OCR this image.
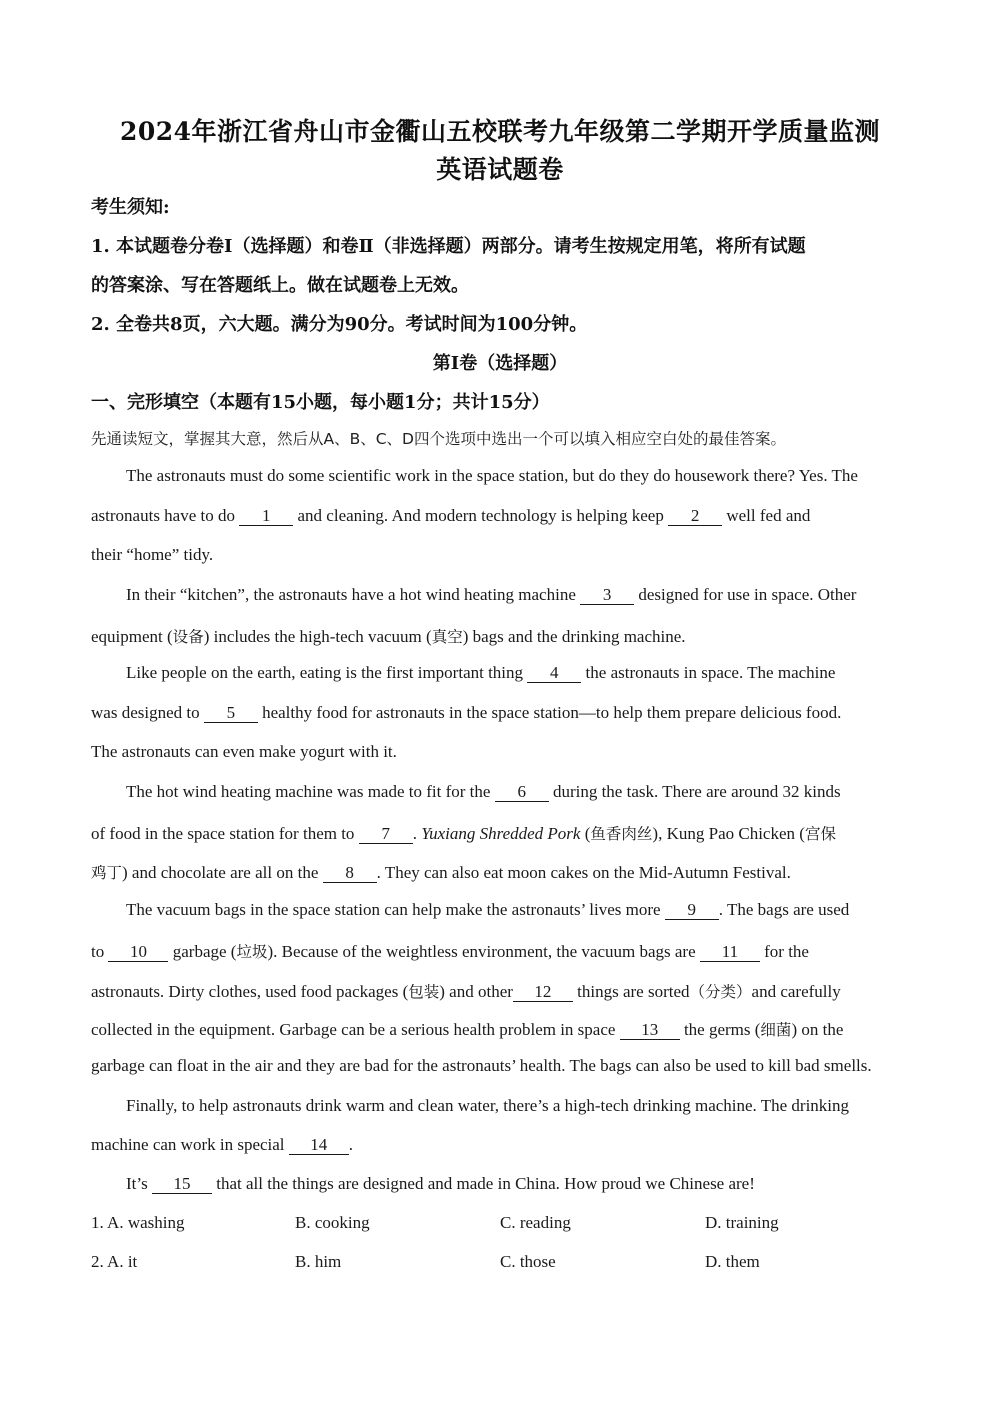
2024年浙江省舟山市金衢山五校联考九年级第二学期开学质量监测
英语试题卷
考生须知:
1. 本试题卷分卷Ⅰ（选择题）和卷Ⅱ（非选择题）两部分。请考生按规定用笔，将所有试题
的答案涂、写在答题纸上。做在试题卷上无效。
2. 全卷共8页，六大题。满分为90分。考试时间为100分钟。
第Ⅰ卷（选择题）
一、完形填空（本题有15小题，每小题1分；共计15分）
先通读短文，掌握其大意，然后从A、B、C、D四个选项中选出一个可以填入相应空白处的最佳答案。
The astronauts must do some scientific work in the space station, but do they do housework there? Yes. The
astronauts have to do 1 and cleaning. And modern technology is helping keep 2 well fed and
their “home” tidy.
In their “kitchen”, the astronauts have a hot wind heating machine 3 designed for use in space. Other
equipment (设备) includes the high-tech vacuum (真空) bags and the drinking machine.
Like people on the earth, eating is the first important thing 4 the astronauts in space. The machine
was designed to 5 healthy food for astronauts in the space station—to help them prepare delicious food.
The astronauts can even make yogurt with it.
The hot wind heating machine was made to fit for the 6 during the task. There are around 32 kinds
of food in the space station for them to 7 . Yuxiang Shredded Pork (鱼香肉丝), Kung Pao Chicken (宫保
鸡丁) and chocolate are all on the 8 . They can also eat moon cakes on the Mid-Autumn Festival.
The vacuum bags in the space station can help make the astronauts’ lives more 9 . The bags are used
to 10 garbage (垃圾). Because of the weightless environment, the vacuum bags are 11 for the
astronauts. Dirty clothes, used food packages (包装) and other 12 things are sorted（分类）and carefully
collected in the equipment. Garbage can be a serious health problem in space 13 the germs (细菌) on the
garbage can float in the air and they are bad for the astronauts’ health. The bags can also be used to kill bad smells.
Finally, to help astronauts drink warm and clean water, there’s a high-tech drinking machine. The drinking
machine can work in special 14 .
It’s 15 that all the things are designed and made in China. How proud we Chinese are!
1. A. washing	B. cooking	C. reading	D. training
2. A. it	B. him	C. those	D. them
